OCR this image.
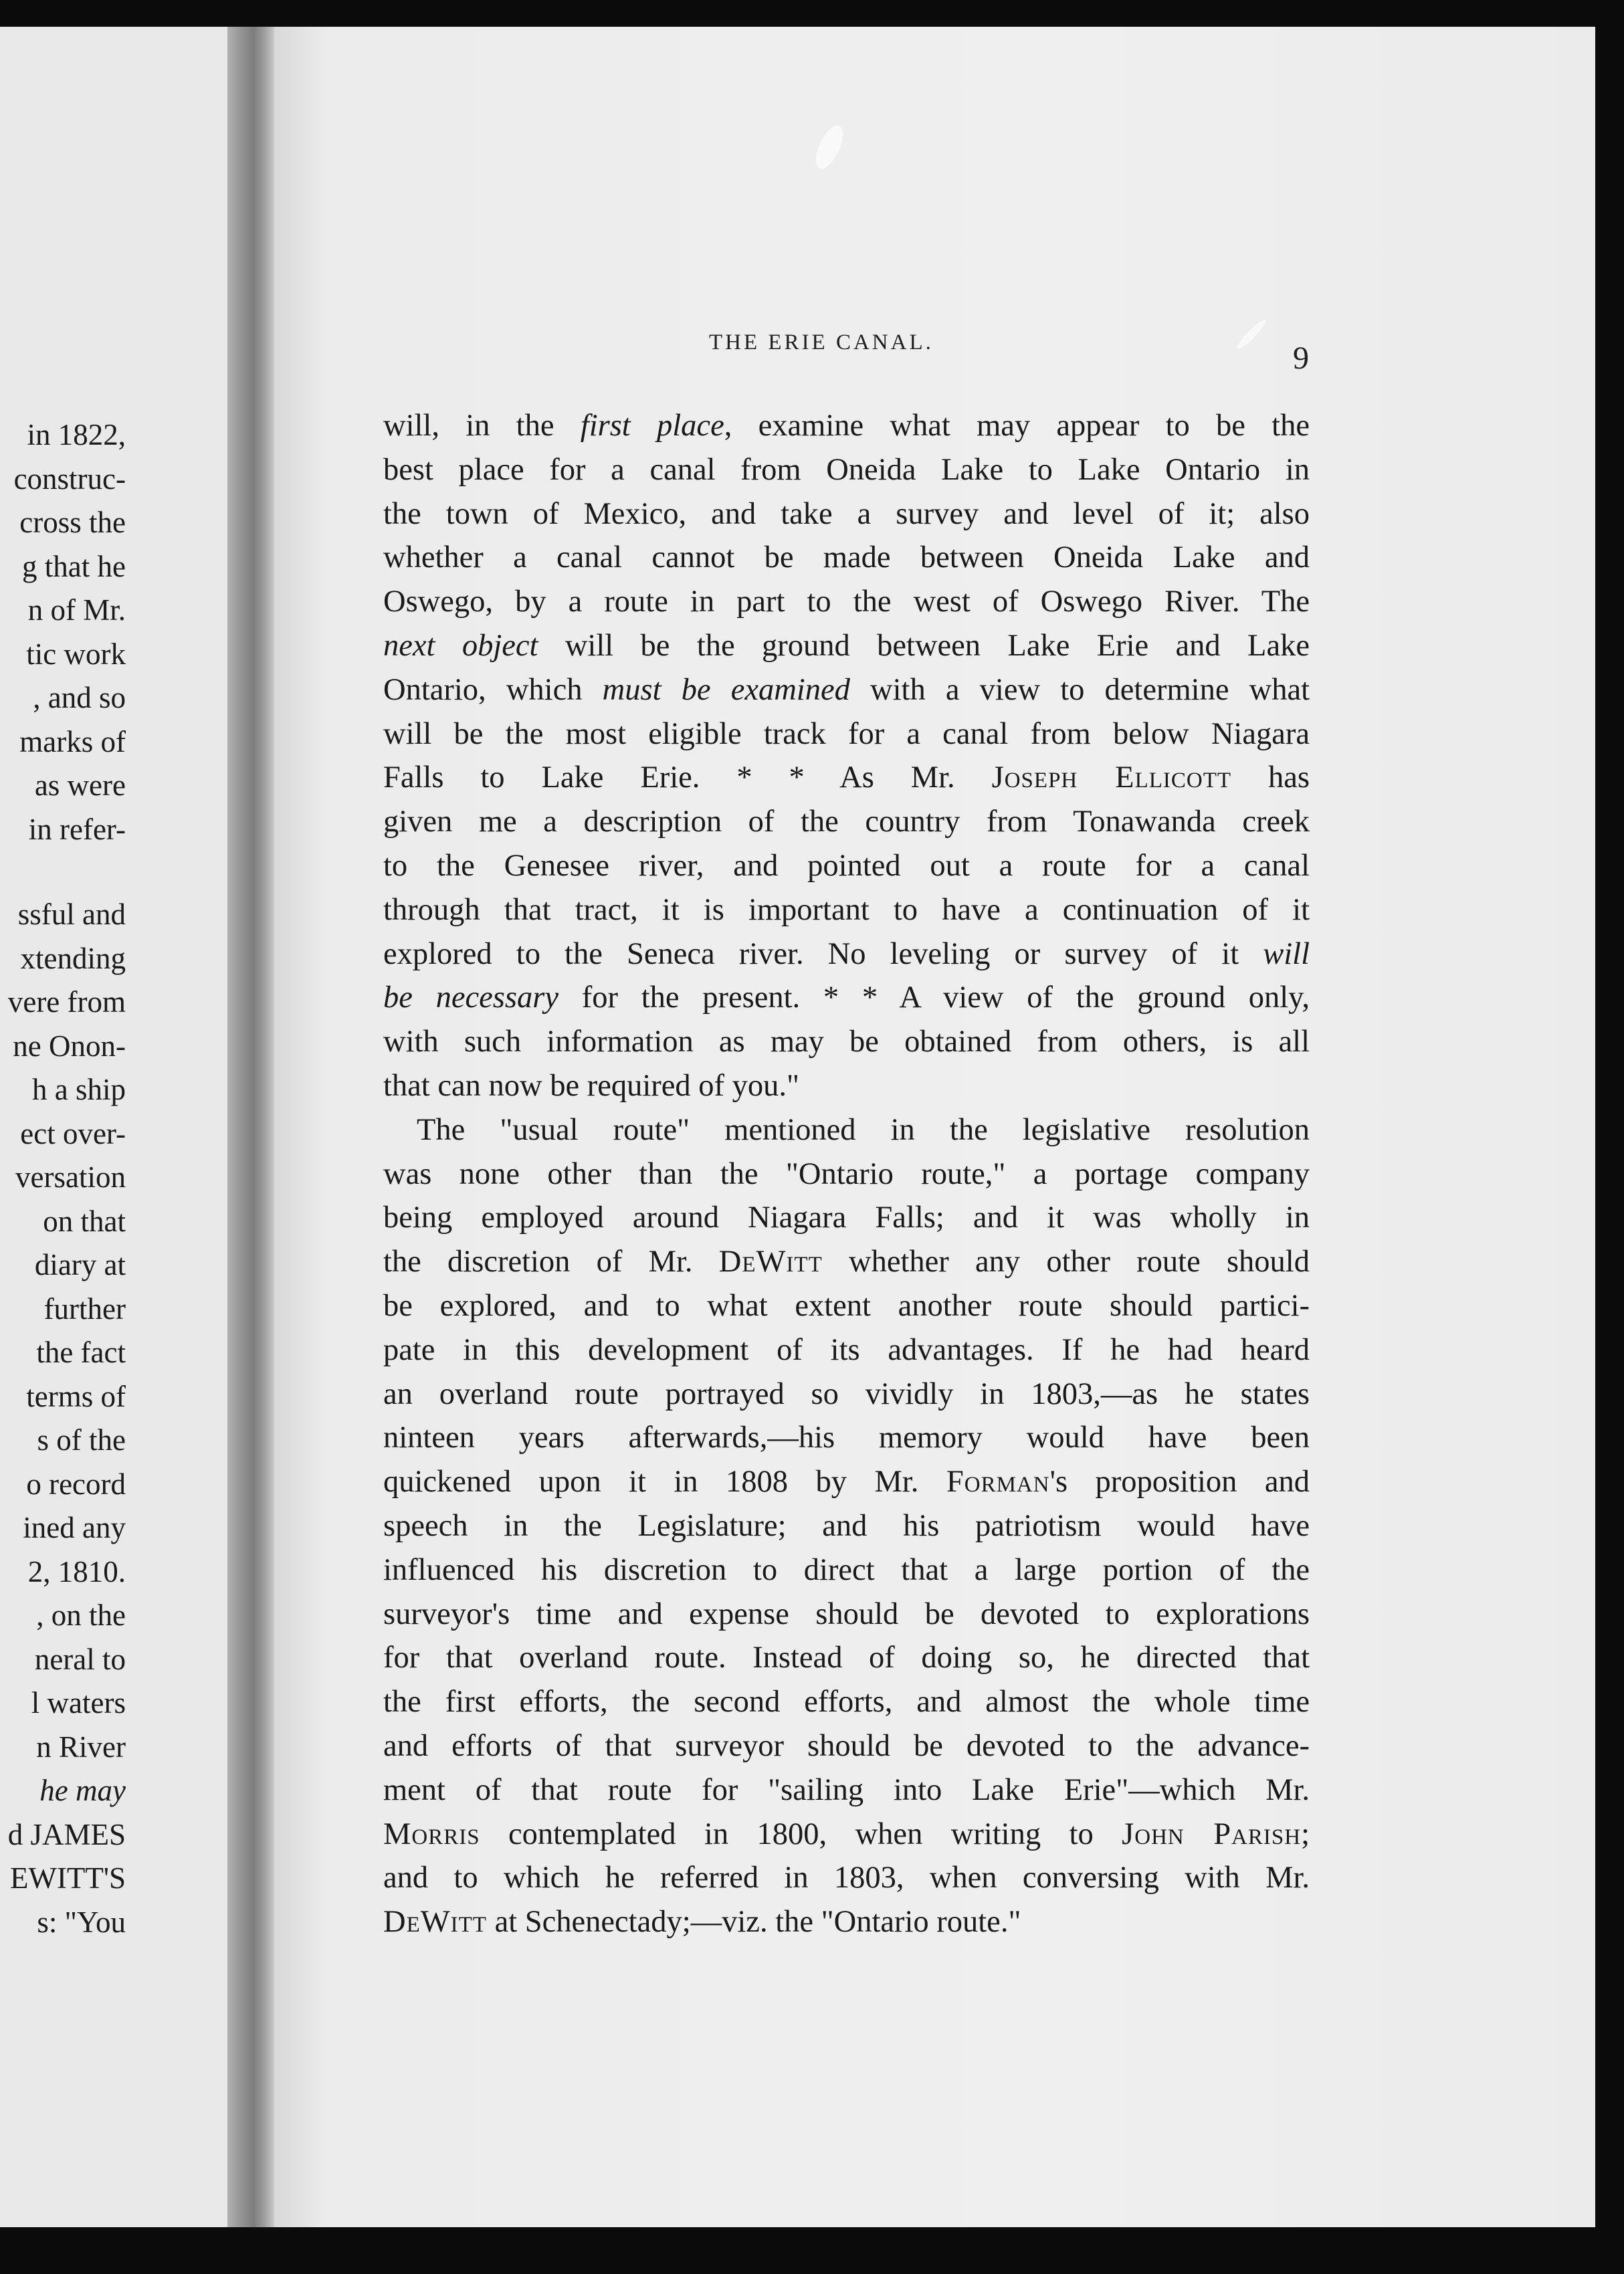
in 1822,
construc-
cross the
g that he
n of Mr.
tic work
, and so
marks of
as were
in refer-
ssful and
xtending
vere from
ne Onon-
h a ship
ect over-
versation
on that
diary at
further
the fact
terms of
s of the
o record
ined any
2, 1810.
, on the
neral to
l waters
n River
he may
d JAMES
EWITT'S
s: "You
THE ERIE CANAL.	9
will, in the first place, examine what may appear to be the
best place for a canal from Oneida Lake to Lake Ontario in
the town of Mexico, and take a survey and level of it; also
whether a canal cannot be made between Oneida Lake and
Oswego, by a route in part to the west of Oswego River. The
next object will be the ground between Lake Erie and Lake
Ontario, which must be examined with a view to determine what
will be the most eligible track for a canal from below Niagara
Falls to Lake Erie. * * As Mr. Joseph Ellicott has
given me a description of the country from Tonawanda creek
to the Genesee river, and pointed out a route for a canal
through that tract, it is important to have a continuation of it
explored to the Seneca river. No leveling or survey of it will
be necessary for the present. * * A view of the ground only,
with such information as may be obtained from others, is all
that can now be required of you."
The "usual route" mentioned in the legislative resolution
was none other than the "Ontario route," a portage company
being employed around Niagara Falls; and it was wholly in
the discretion of Mr. DeWitt whether any other route should
be explored, and to what extent another route should partici-
pate in this development of its advantages. If he had heard
an overland route portrayed so vividly in 1803,—as he states
ninteen years afterwards,—his memory would have been
quickened upon it in 1808 by Mr. Forman's proposition and
speech in the Legislature; and his patriotism would have
influenced his discretion to direct that a large portion of the
surveyor's time and expense should be devoted to explorations
for that overland route. Instead of doing so, he directed that
the first efforts, the second efforts, and almost the whole time
and efforts of that surveyor should be devoted to the advance-
ment of that route for "sailing into Lake Erie"—which Mr.
Morris contemplated in 1800, when writing to John Parish;
and to which he referred in 1803, when conversing with Mr.
DeWitt at Schenectady;—viz. the "Ontario route."
